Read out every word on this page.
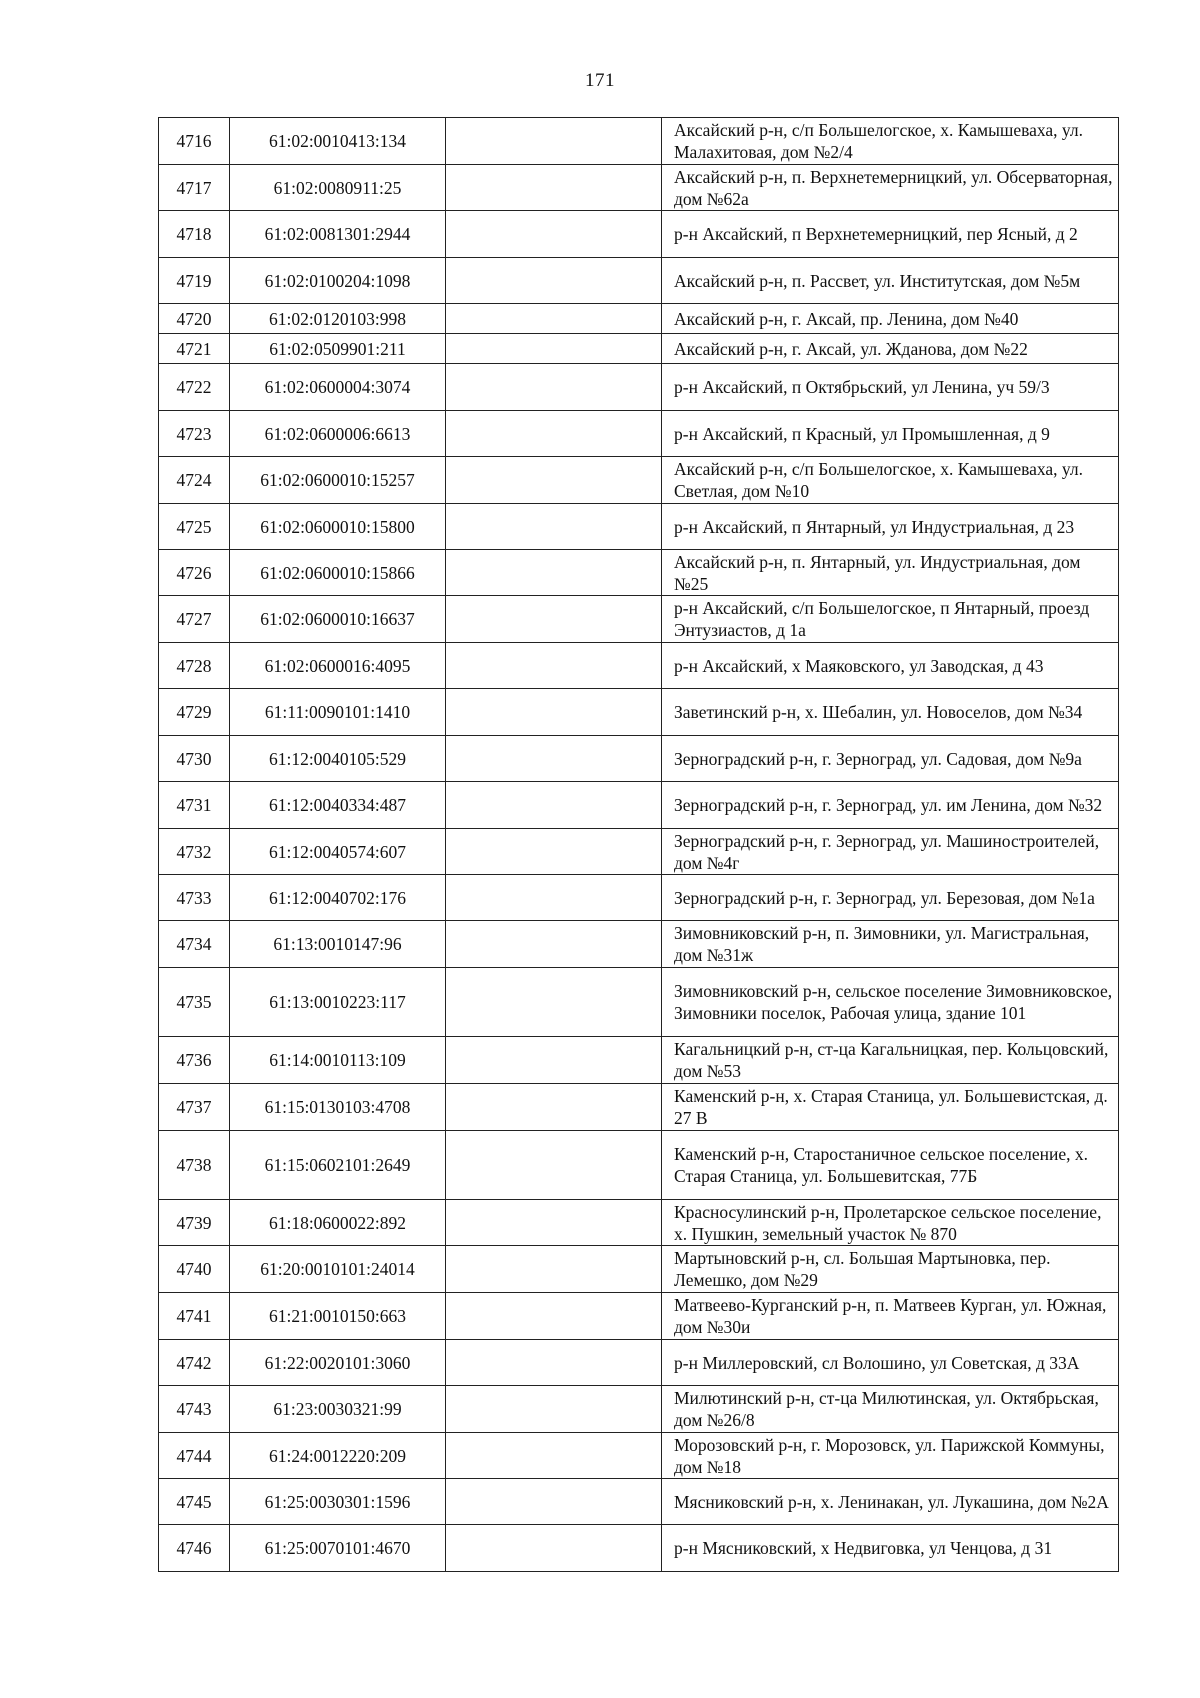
171
4716	61:02:0010413:134		Аксайский р-н, с/п Большелогское, х. Камышеваха, ул. Малахитовая, дом №2/4

4717	61:02:0080911:25		Аксайский р-н, п. Верхнетемерницкий, ул. Обсерваторная, дом №62а

4718	61:02:0081301:2944		р-н Аксайский, п Верхнетемерницкий, пер Ясный, д 2

4719	61:02:0100204:1098		Аксайский р-н, п. Рассвет, ул. Институтская, дом №5м

4720	61:02:0120103:998		Аксайский р-н, г. Аксай, пр. Ленина, дом №40

4721	61:02:0509901:211		Аксайский р-н, г. Аксай, ул. Жданова, дом №22

4722	61:02:0600004:3074		р-н Аксайский, п Октябрьский, ул Ленина, уч 59/3

4723	61:02:0600006:6613		р-н Аксайский, п Красный, ул Промышленная, д 9

4724	61:02:0600010:15257		Аксайский р-н, с/п Большелогское, х. Камышеваха, ул. Светлая, дом №10

4725	61:02:0600010:15800		р-н Аксайский, п Янтарный, ул Индустриальная, д 23

4726	61:02:0600010:15866		Аксайский р-н, п. Янтарный, ул. Индустриальная, дом №25

4727	61:02:0600010:16637		р-н Аксайский, с/п Большелогское, п Янтарный, проезд Энтузиастов, д 1а

4728	61:02:0600016:4095		р-н Аксайский, х Маяковского, ул Заводская, д 43

4729	61:11:0090101:1410		Заветинский р-н, х. Шебалин, ул. Новоселов, дом №34

4730	61:12:0040105:529		Зерноградский р-н, г. Зерноград, ул. Садовая, дом №9а

4731	61:12:0040334:487		Зерноградский р-н, г. Зерноград, ул. им Ленина, дом №32

4732	61:12:0040574:607		Зерноградский р-н, г. Зерноград, ул. Машиностроителей, дом №4г

4733	61:12:0040702:176		Зерноградский р-н, г. Зерноград, ул. Березовая, дом №1а

4734	61:13:0010147:96		Зимовниковский р-н, п. Зимовники, ул. Магистральная, дом №31ж

4735	61:13:0010223:117		Зимовниковский р-н, сельское поселение Зимовниковское, Зимовники поселок, Рабочая улица, здание 101

4736	61:14:0010113:109		Кагальницкий р-н, ст-ца Кагальницкая, пер. Кольцовский, дом №53

4737	61:15:0130103:4708		Каменский р-н, х. Старая Станица, ул. Большевистская, д. 27 В

4738	61:15:0602101:2649		Каменский р-н, Старостаничное сельское поселение, х. Старая Станица, ул. Большевитская, 77Б

4739	61:18:0600022:892		Красносулинский р-н, Пролетарское сельское поселение, х. Пушкин, земельный участок № 870

4740	61:20:0010101:24014		Мартыновский р-н, сл. Большая Мартыновка, пер. Лемешко, дом №29

4741	61:21:0010150:663		Матвеево-Курганский р-н, п. Матвеев Курган, ул. Южная, дом №30и

4742	61:22:0020101:3060		р-н Миллеровский, сл Волошино, ул Советская, д 33А

4743	61:23:0030321:99		Милютинский р-н, ст-ца Милютинская, ул. Октябрьская, дом №26/8

4744	61:24:0012220:209		Морозовский р-н, г. Морозовск, ул. Парижской Коммуны, дом №18

4745	61:25:0030301:1596		Мясниковский р-н, х. Ленинакан, ул. Лукашина, дом №2А

4746	61:25:0070101:4670		р-н Мясниковский, х Недвиговка, ул Ченцова, д 31
